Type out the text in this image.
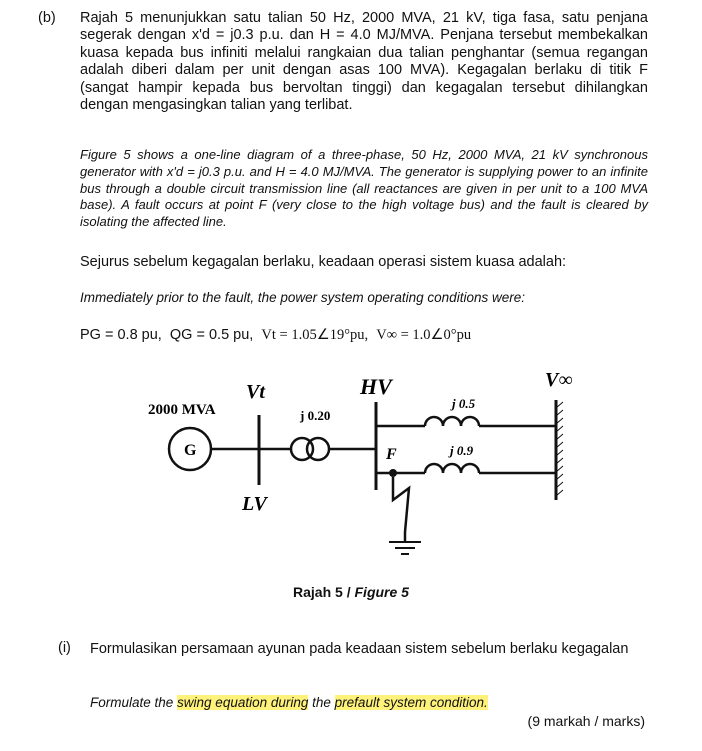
(b) Rajah 5 menunjukkan satu talian 50 Hz, 2000 MVA, 21 kV, tiga fasa, satu penjana segerak dengan x'd = j0.3 p.u. dan H = 4.0 MJ/MVA. Penjana tersebut membekalkan kuasa kepada bus infiniti melalui rangkaian dua talian penghantar (semua regangan adalah diberi dalam per unit dengan asas 100 MVA). Kegagalan berlaku di titik F (sangat hampir kepada bus bervoltan tinggi) dan kegagalan tersebut dihilangkan dengan mengasingkan talian yang terlibat.
Figure 5 shows a one-line diagram of a three-phase, 50 Hz, 2000 MVA, 21 kV synchronous generator with x'd = j0.3 p.u. and H = 4.0 MJ/MVA. The generator is supplying power to an infinite bus through a double circuit transmission line (all reactances are given in per unit to a 100 MVA base). A fault occurs at point F (very close to the high voltage bus) and the fault is cleared by isolating the affected line.
Sejurus sebelum kegagalan berlaku, keadaan operasi sistem kuasa adalah:
Immediately prior to the fault, the power system operating conditions were:
PG = 0.8 pu, QG = 0.5 pu, Vt = 1.05∠19°pu, V∞ = 1.0∠0°pu
2000 MVA
G
Vt
LV
j 0.20
HV
j 0.5
j 0.9
V∞
F
Rajah 5 / Figure 5
(i) Formulasikan persamaan ayunan pada keadaan sistem sebelum berlaku kegagalan
Formulate the swing equation during the prefault system condition.
(9 markah / marks)
